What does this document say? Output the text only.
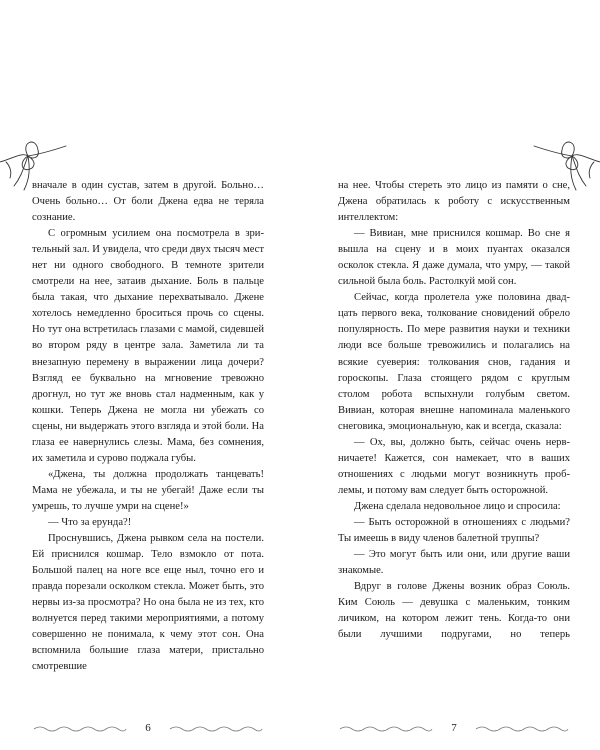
вначале в один сустав, затем в другой. Больно… Очень больно… От боли Джена едва не теряла сознание.

С огромным усилием она посмотрела в зрительный зал. И увидела, что среди двух тысяч мест нет ни одного свободного. В темноте зрители смотрели на нее, затаив дыхание. Боль в пальце была такая, что дыхание перехватывало. Джене хотелось немедленно броситься прочь со сцены. Но тут она встретилась глазами с мамой, сидевшей во втором ряду в центре зала. Заметила ли та внезапную перемену в выражении лица дочери? Взгляд ее буквально на мгновение тревожно дрогнул, но тут же вновь стал надменным, как у кошки. Теперь Джена не могла ни убежать со сцены, ни выдержать этого взгляда и этой боли. На глаза ее навернулись слезы. Мама, без сомнения, их заметила и сурово поджала губы.

«Джена, ты должна продолжать танцевать! Мама не убежала, и ты не убегай! Даже если ты умрешь, то лучше умри на сцене!»

— Что за ерунда?!

Проснувшись, Джена рывком села на постели. Ей приснился кошмар. Тело взмокло от пота. Большой палец на ноге все еще ныл, точно его и правда порезали осколком стекла. Может быть, это нервы из-за просмотра? Но она была не из тех, кто волнуется перед такими мероприятиями, а потому совершенно не понимала, к чему этот сон. Она вспомнила большие глаза матери, пристально смотревшие

на нее. Чтобы стереть это лицо из памяти о сне, Джена обратилась к роботу с искусственным интеллектом:

— Вивиан, мне приснился кошмар. Во сне я вышла на сцену и в моих пуантах оказался осколок стекла. Я даже думала, что умру, — такой сильной была боль. Растолкуй мой сон.

Сейчас, когда пролетела уже половина двадцать первого века, толкование сновидений обрело популярность. По мере развития науки и техники люди все больше тревожились и полагались на всякие суеверия: толкования снов, гадания и гороскопы. Глаза стоящего рядом с круглым столом робота вспыхнули голубым светом. Вивиан, которая внешне напоминала маленького снеговика, эмоциональную, как и всегда, сказала:

— Ох, вы, должно быть, сейчас очень нервничаете! Кажется, сон намекает, что в ваших отношениях с людьми могут возникнуть проблемы, и потому вам следует быть осторожной.

Джена сделала недовольное лицо и спросила:

— Быть осторожной в отношениях с людьми? Ты имеешь в виду членов балетной труппы?

— Это могут быть или они, или другие ваши знакомые.

Вдруг в голове Джены возник образ Союль. Ким Союль — девушка с маленьким, тонким личиком, на котором лежит тень. Когда-то они были лучшими подругами, но теперь

6	7
